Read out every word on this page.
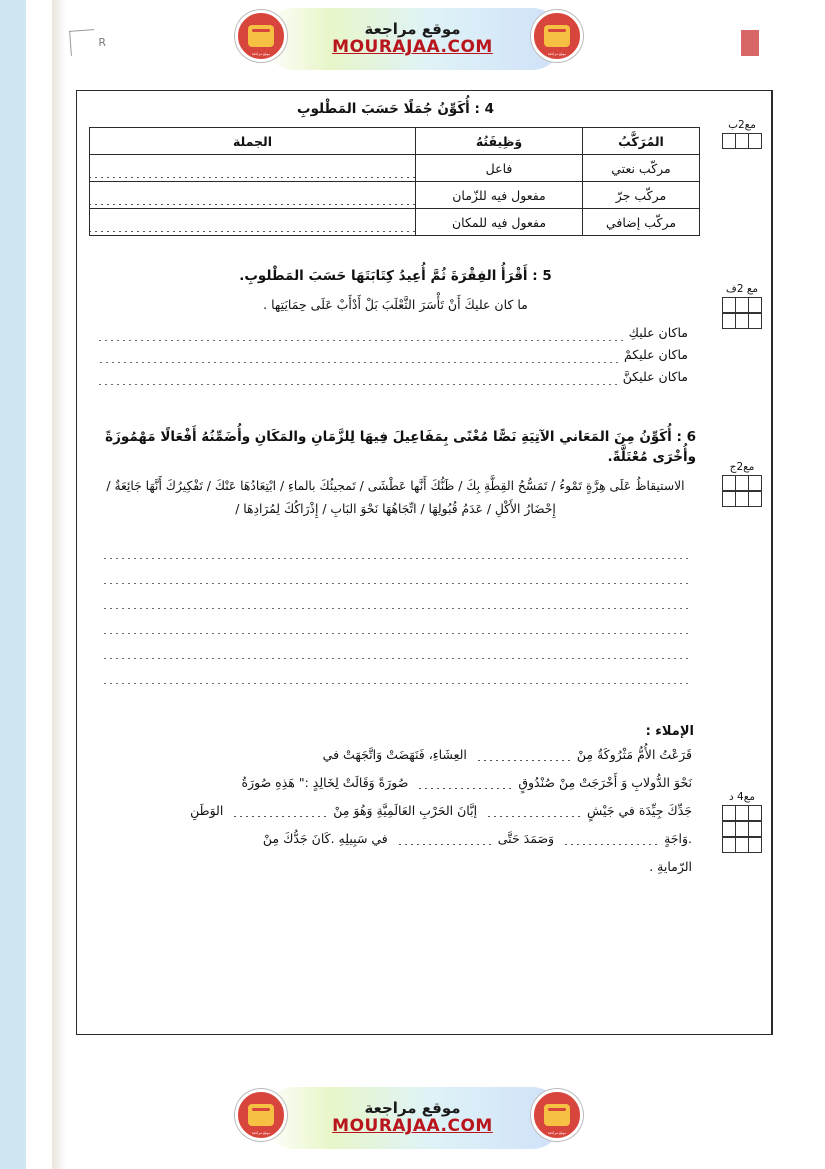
R
موقع مراجعة	موقع مراجعة
موقع مراجعة
MOURAJAA.COM
مع2ب
مع 2ف
مع2ج
مع4 د
4 : أُكَوِّنُ جُمَلًا حَسَبَ المَطْلوبِ
المُرَكَّبُ	وَظِيفَتُهُ	الجملة
مركّب نعتي	فاعل	
مركّب جرّ	مفعول فيه للزّمان	
مركّب إضافي	مفعول فيه للمكان	
5 : أَقْرَأُ الفِقْرَةَ ثُمَّ أُعِيدُ كِتَابَتَهَا حَسَبَ المَطْلوبِ.
ما كان عليكَ أَنْ تَأْسَرَ الثَّعْلَبَ بَلْ أَدْأَبْ عَلَى حِمَايَتِها .
ماكان عليكِ
ماكان عليكمْ
ماكان عليكنَّ
6 : أُكَوِّنُ مِنَ المَعَاني الآتِيَةِ نَصًّا مُغْنًى بِمَفَاعِيلَ فِيهَا لِلزَّمَانِ والمَكَانِ وأُضَمِّنُهُ أَفْعَالًا مَهْمُوزَةً وأُخْرَى مُعْتَلَّةً.
الاستيقاظُ عَلَى هِرَّةٍ تَمْوءُ / تَمَسُّحُ القِطَّةِ بِكَ / ظَنُّكَ أَنَّها عَطْشَى / تَمجيئُكَ بالماءِ / ابْتِعَادُهَا عَنْكَ / تَفْكِيرُكَ أَنَّهَا جَائِعَةٌ / إِحْضَارُ الأَكْلِ / عَدَمُ قُبُولِهَا / اتِّجَاهُهَا نَحْوَ البَابِ / إِذْرَاكُكَ لِمُرَادِهَا /
الإملاء :
قَرَعْتُ الأُمُّ مَثْرُوكَةٌ مِنْ  العِشَاءِ، فَنَهَضَتْ وَاتَّجَهَتْ في
نَحْوَ الدُّولابِ وَ أَخْرَجَتْ مِنْ صُنْدُوقٍ  صُورَةً وَقَالَتْ لِخَالِدٍ :" هَذِهِ صُورَةُ
جَدِّكَ جِيِّدَة في جَيْشٍ  إبَّانَ الحَرْبِ العَالَمِيَّةِ وَهُوَ مِنْ  الوَطَنِ
.وَاجَةٍ  وَصَمَدَ حَتَّى  في سَبِيلِهِ .كَانَ جَدُّكَ مِنْ
الرّمايةِ .
موقع مراجعة	موقع مراجعة
موقع مراجعة
MOURAJAA.COM
